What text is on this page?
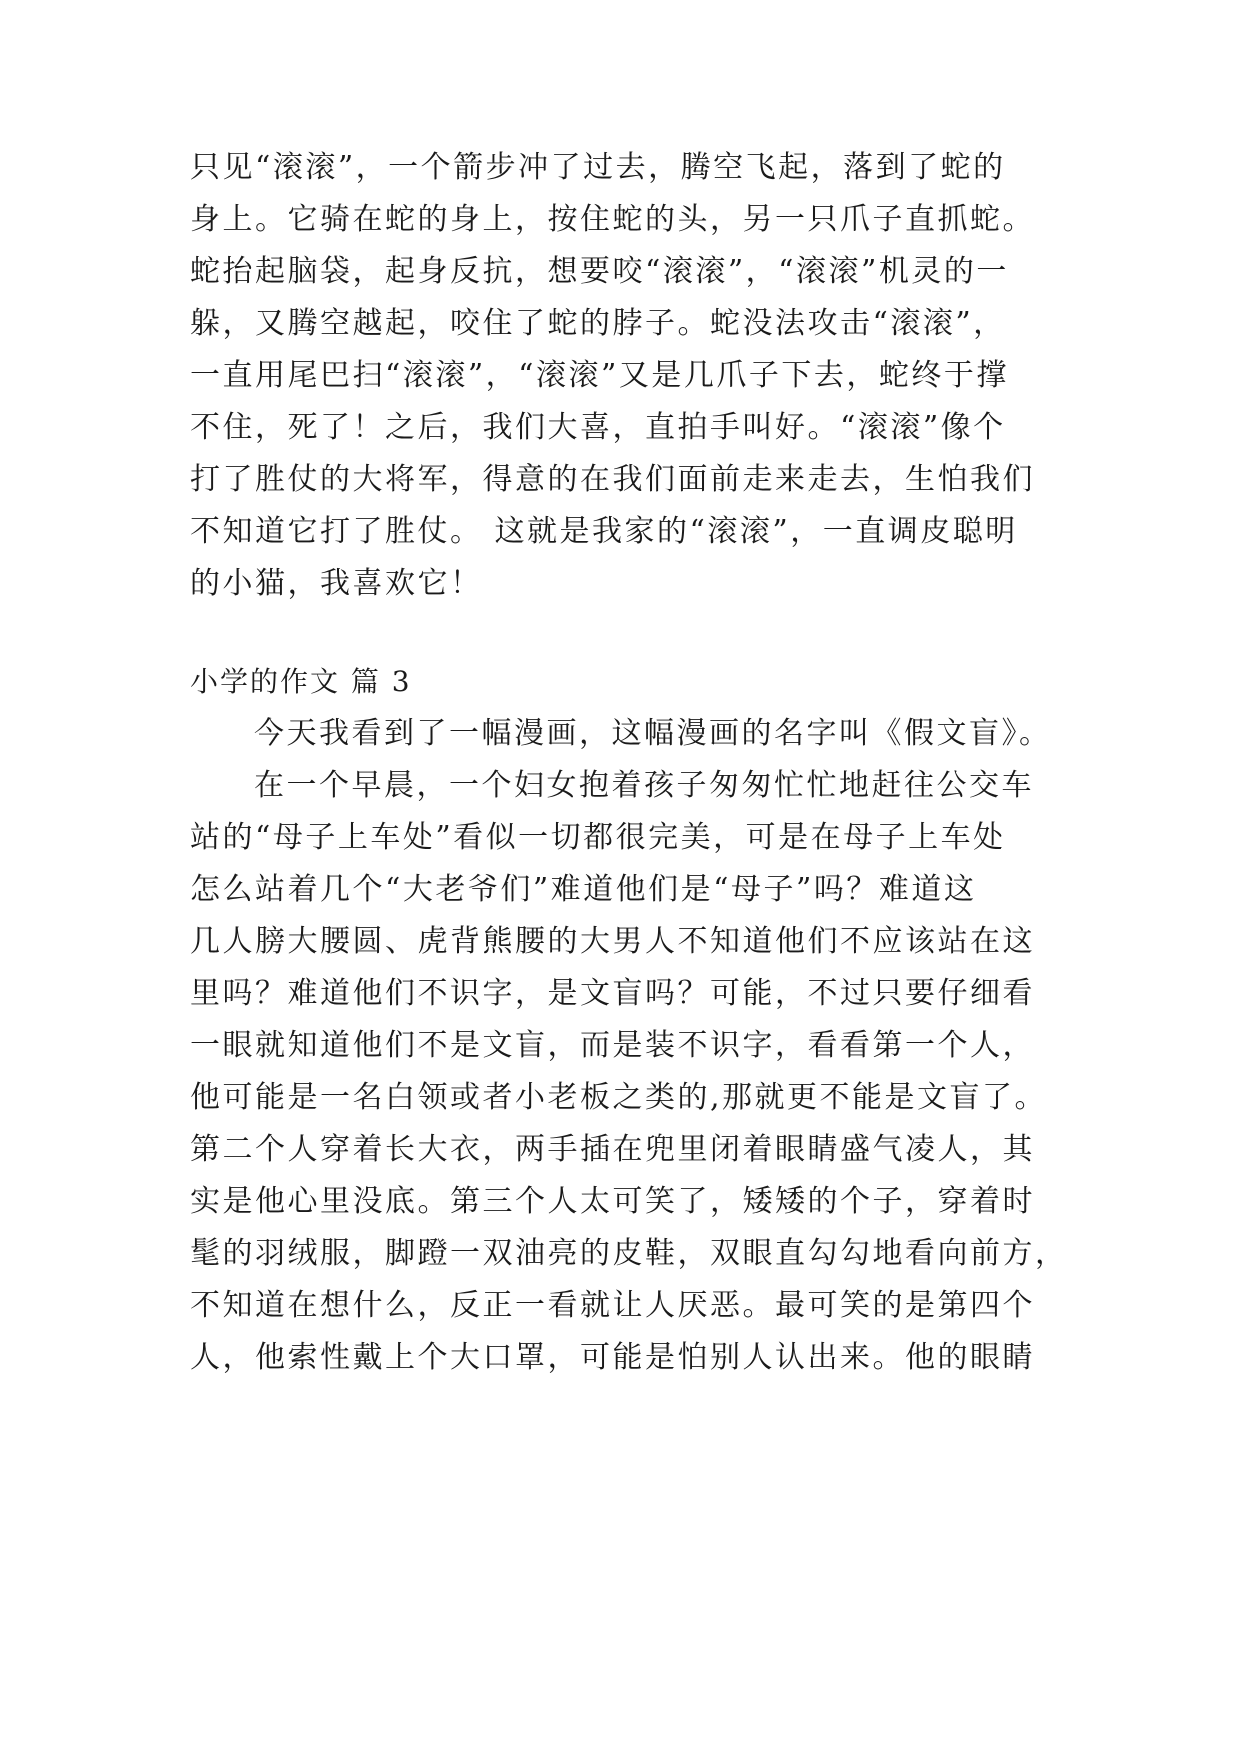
只见“滚滚”，一个箭步冲了过去，腾空飞起，落到了蛇的
身上。它骑在蛇的身上，按住蛇的头，另一只爪子直抓蛇。
蛇抬起脑袋，起身反抗，想要咬“滚滚”，“滚滚”机灵的一
躲，又腾空越起，咬住了蛇的脖子。蛇没法攻击“滚滚”，
一直用尾巴扫“滚滚”，“滚滚”又是几爪子下去，蛇终于撑
不住，死了！之后，我们大喜，直拍手叫好。“滚滚”像个
打了胜仗的大将军，得意的在我们面前走来走去，生怕我们
不知道它打了胜仗。 这就是我家的“滚滚”，一直调皮聪明
的小猫，我喜欢它！
小学的作文 篇 3
今天我看到了一幅漫画，这幅漫画的名字叫《假文盲》。
在一个早晨，一个妇女抱着孩子匆匆忙忙地赶往公交车
站的“母子上车处”看似一切都很完美，可是在母子上车处
怎么站着几个“大老爷们”难道他们是“母子”吗？难道这
几人膀大腰圆、虎背熊腰的大男人不知道他们不应该站在这
里吗？难道他们不识字，是文盲吗？可能，不过只要仔细看
一眼就知道他们不是文盲，而是装不识字，看看第一个人，
他可能是一名白领或者小老板之类的,那就更不能是文盲了。
第二个人穿着长大衣，两手插在兜里闭着眼睛盛气凌人，其
实是他心里没底。第三个人太可笑了，矮矮的个子，穿着时
髦的羽绒服，脚蹬一双油亮的皮鞋，双眼直勾勾地看向前方，
不知道在想什么，反正一看就让人厌恶。最可笑的是第四个
人，他索性戴上个大口罩，可能是怕别人认出来。他的眼睛
